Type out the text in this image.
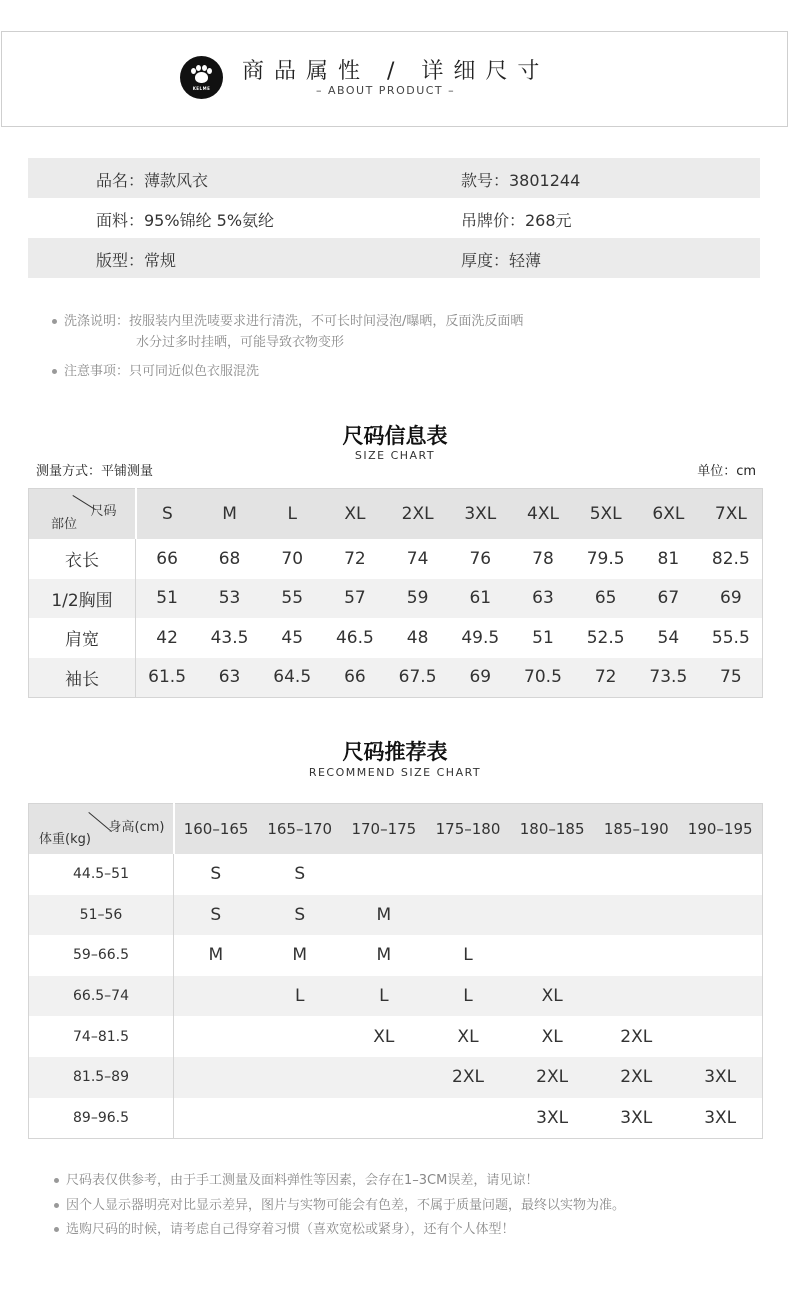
KELME
商品属性 / 详细尺寸
– ABOUT PRODUCT –
品名：薄款风衣	款号：3801244
面料：95%锦纶 5%氨纶	吊牌价：268元
版型：常规	厚度：轻薄
洗涤说明：按服装内里洗唛要求进行清洗，不可长时间浸泡/曝晒，反面洗反面晒
水分过多时挂晒，可能导致衣物变形
注意事项：只可同近似色衣服混洗
尺码信息表
SIZE CHART
测量方式：平铺测量	单位：cm
尺码
部位	S	M	L	XL	2XL	3XL	4XL	5XL	6XL	7XL
衣长	66	68	70	72	74	76	78	79.5	81	82.5
1/2胸围	51	53	55	57	59	61	63	65	67	69
肩宽	42	43.5	45	46.5	48	49.5	51	52.5	54	55.5
袖长	61.5	63	64.5	66	67.5	69	70.5	72	73.5	75
尺码推荐表
RECOMMEND SIZE CHART
身高(cm)
体重(kg)	160–165	165–170	170–175	175–180	180–185	185–190	190–195
44.5–51	S	S					
51–56	S	S	M				
59–66.5	M	M	M	L			
66.5–74		L	L	L	XL		
74–81.5			XL	XL	XL	2XL	
81.5–89				2XL	2XL	2XL	3XL
89–96.5					3XL	3XL	3XL
尺码表仅供参考，由于手工测量及面料弹性等因素，会存在1–3CM误差，请见谅！
因个人显示器明亮对比显示差异，图片与实物可能会有色差，不属于质量问题，最终以实物为准。
选购尺码的时候，请考虑自己得穿着习惯（喜欢宽松或紧身），还有个人体型！
